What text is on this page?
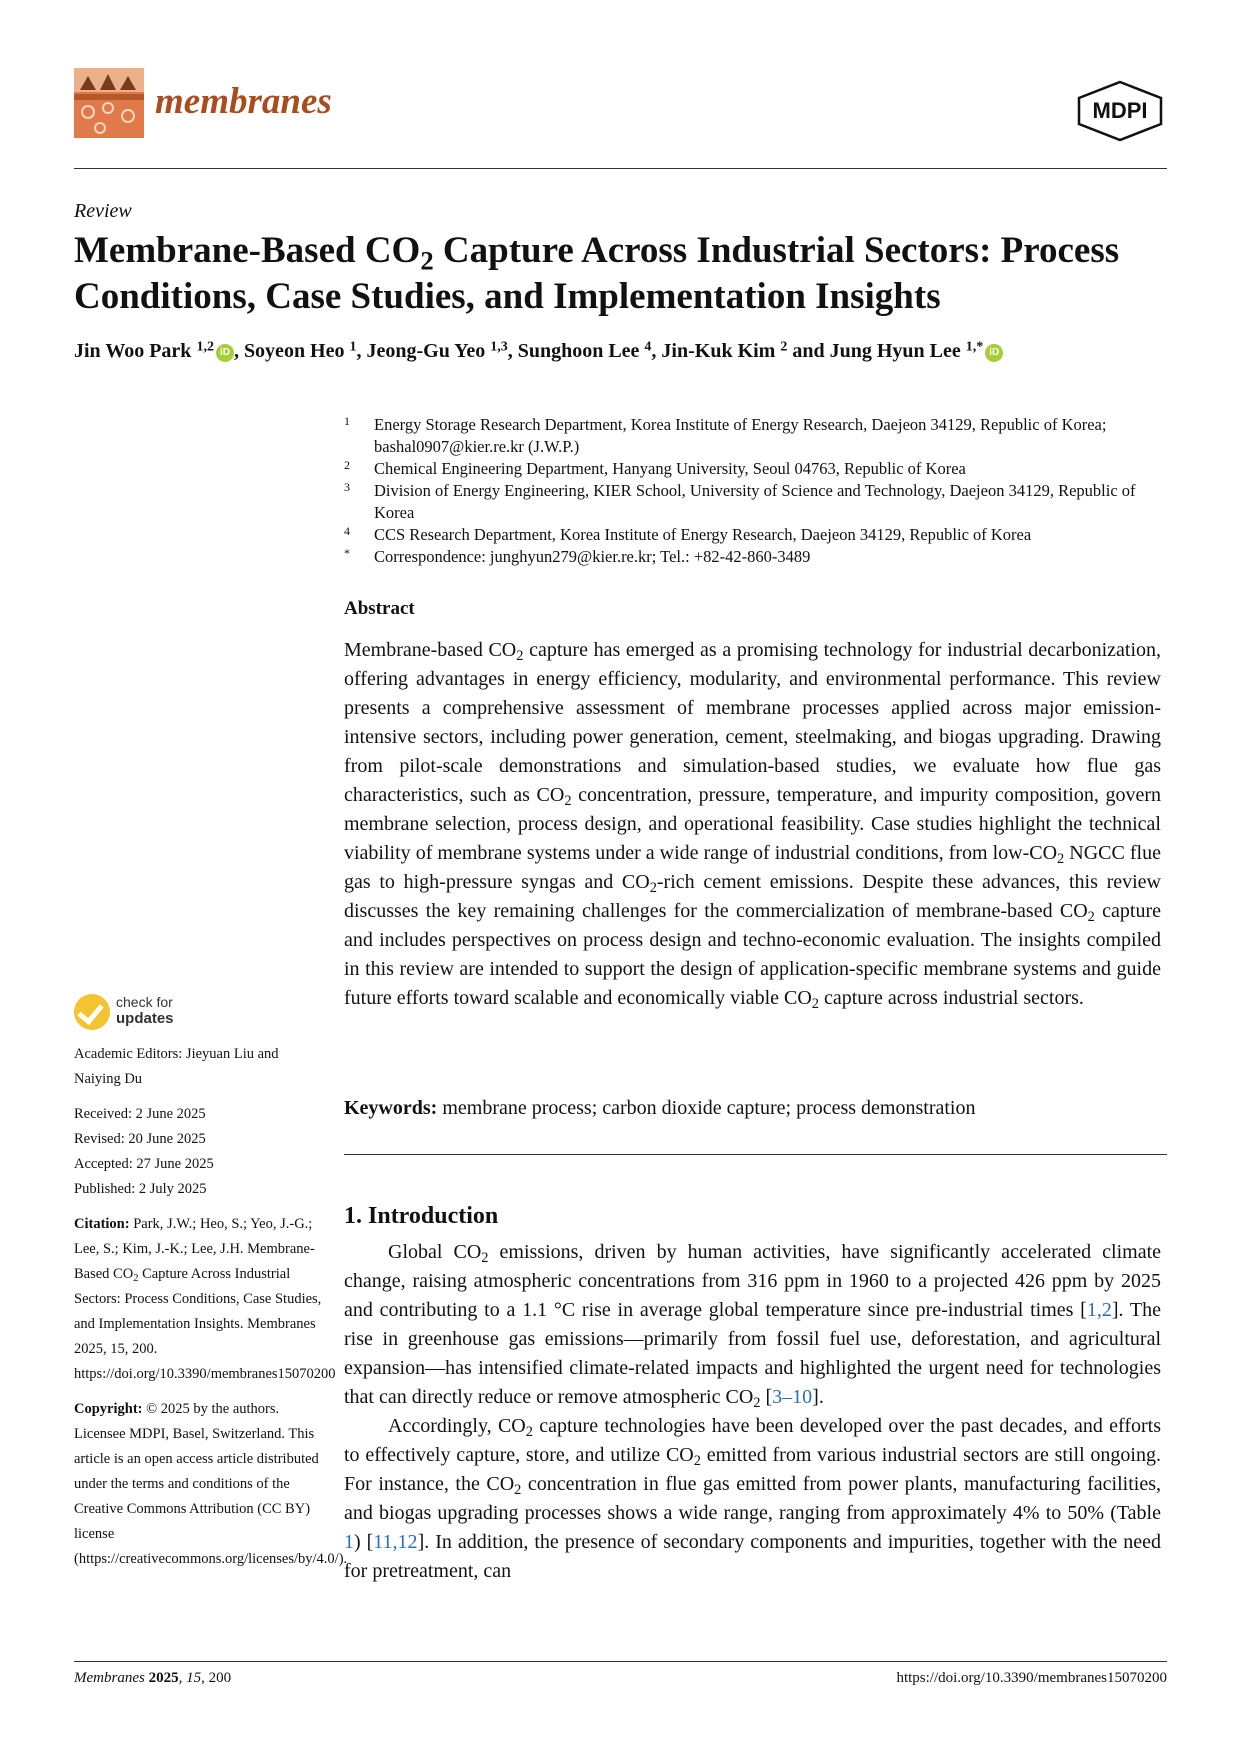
membranes	MDPI
Review
Membrane-Based $CO_2$ Capture Across Industrial Sectors: Process Conditions, Case Studies, and Implementation Insights
Jin Woo Park $^{1,2}$ iD , Soyeon Heo $^1$, Jeong-Gu Yeo $^{1,3}$, Sunghoon Lee $^4$, Jin-Kuk Kim $^2$ and Jung Hyun Lee $^{1,*}$ iD
1 Energy Storage Research Department, Korea Institute of Energy Research, Daejeon 34129, Republic of Korea; bashal0907@kier.re.kr (J.W.P.)
2 Chemical Engineering Department, Hanyang University, Seoul 04763, Republic of Korea
3 Division of Energy Engineering, KIER School, University of Science and Technology, Daejeon 34129, Republic of Korea
4 CCS Research Department, Korea Institute of Energy Research, Daejeon 34129, Republic of Korea
* Correspondence: junghyun279@kier.re.kr; Tel.: +82-42-860-3489
Abstract
Membrane-based $CO_2$ capture has emerged as a promising technology for industrial decarbonization, offering advantages in energy efficiency, modularity, and environmental performance. This review presents a comprehensive assessment of membrane processes applied across major emission-intensive sectors, including power generation, cement, steelmaking, and biogas upgrading. Drawing from pilot-scale demonstrations and simulation-based studies, we evaluate how flue gas characteristics, such as $CO_2$ concentration, pressure, temperature, and impurity composition, govern membrane selection, process design, and operational feasibility. Case studies highlight the technical viability of membrane systems under a wide range of industrial conditions, from low-$CO_2$ NGCC flue gas to high-pressure syngas and $CO_2$-rich cement emissions. Despite these advances, this review discusses the key remaining challenges for the commercialization of membrane-based $CO_2$ capture and includes perspectives on process design and techno-economic evaluation. The insights compiled in this review are intended to support the design of application-specific membrane systems and guide future efforts toward scalable and economically viable $CO_2$ capture across industrial sectors.
Keywords: membrane process; carbon dioxide capture; process demonstration
1. Introduction

Global $CO_2$ emissions, driven by human activities, have significantly accelerated climate change, raising atmospheric concentrations from 316 ppm in 1960 to a projected 426 ppm by 2025 and contributing to a 1.1 °C rise in average global temperature since pre-industrial times [1,2]. The rise in greenhouse gas emissions—primarily from fossil fuel use, deforestation, and agricultural expansion—has intensified climate-related impacts and highlighted the urgent need for technologies that can directly reduce or remove atmospheric $CO_2$ [3–10].

Accordingly, $CO_2$ capture technologies have been developed over the past decades, and efforts to effectively capture, store, and utilize $CO_2$ emitted from various industrial sectors are still ongoing. For instance, the $CO_2$ concentration in flue gas emitted from power plants, manufacturing facilities, and biogas upgrading processes shows a wide range, ranging from approximately 4% to 50% (Table 1) [11,12]. In addition, the presence of secondary components and impurities, together with the need for pretreatment, can

check for
updates
Academic Editors: Jieyuan Liu and Naiying Du
Received: 2 June 2025
Revised: 20 June 2025
Accepted: 27 June 2025
Published: 2 July 2025
Citation: Park, J.W.; Heo, S.; Yeo, J.-G.; Lee, S.; Kim, J.-K.; Lee, J.H. Membrane-Based $CO_2$ Capture Across Industrial Sectors: Process Conditions, Case Studies, and Implementation Insights. Membranes 2025, 15, 200. https://doi.org/10.3390/membranes15070200
Copyright: © 2025 by the authors. Licensee MDPI, Basel, Switzerland. This article is an open access article distributed under the terms and conditions of the Creative Commons Attribution (CC BY) license (https://creativecommons.org/licenses/by/4.0/).
Membranes 2025, 15, 200	https://doi.org/10.3390/membranes15070200
